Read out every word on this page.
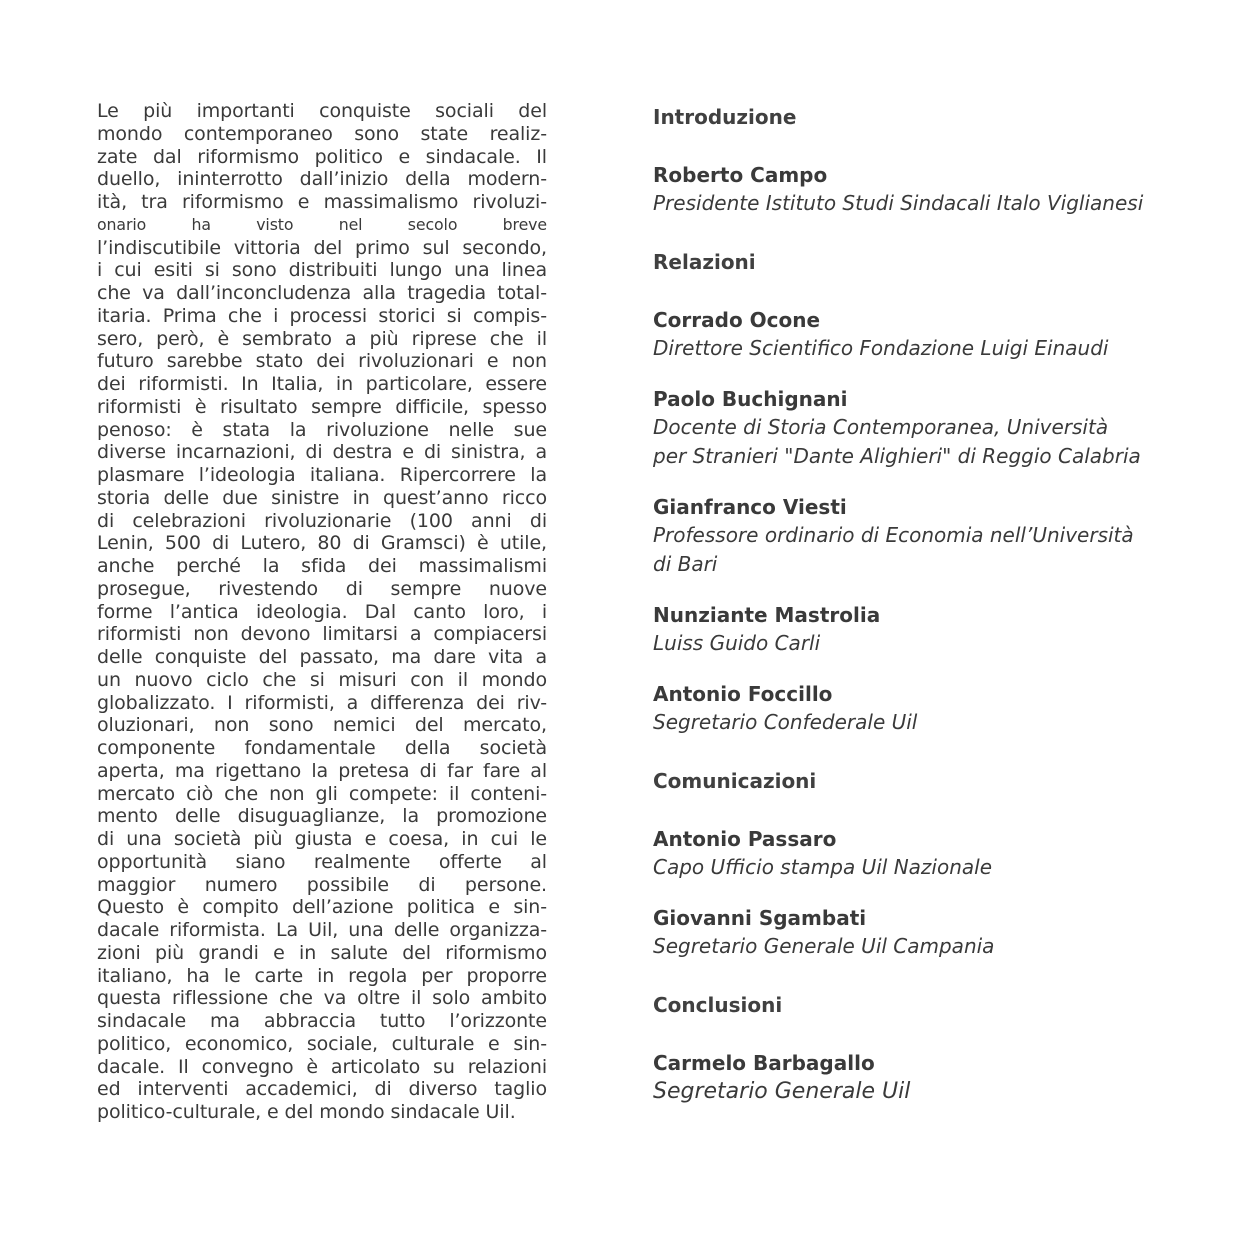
Le più importanti conquiste sociali del
mondo contemporaneo sono state realiz-
zate dal riformismo politico e sindacale. Il
duello, ininterrotto dall’inizio della modern-
ità, tra riformismo e massimalismo rivoluzi-
onario ha visto nel secolo breve
l’indiscutibile vittoria del primo sul secondo,
i cui esiti si sono distribuiti lungo una linea
che va dall’inconcludenza alla tragedia total-
itaria. Prima che i processi storici si compis-
sero, però, è sembrato a più riprese che il
futuro sarebbe stato dei rivoluzionari e non
dei riformisti. In Italia, in particolare, essere
riformisti è risultato sempre difficile, spesso
penoso: è stata la rivoluzione nelle sue
diverse incarnazioni, di destra e di sinistra, a
plasmare l’ideologia italiana. Ripercorrere la
storia delle due sinistre in quest’anno ricco
di celebrazioni rivoluzionarie (100 anni di
Lenin, 500 di Lutero, 80 di Gramsci) è utile,
anche perché la sfida dei massimalismi
prosegue, rivestendo di sempre nuove
forme l’antica ideologia. Dal canto loro, i
riformisti non devono limitarsi a compiacersi
delle conquiste del passato, ma dare vita a
un nuovo ciclo che si misuri con il mondo
globalizzato. I riformisti, a differenza dei riv-
oluzionari, non sono nemici del mercato,
componente fondamentale della società
aperta, ma rigettano la pretesa di far fare al
mercato ciò che non gli compete: il conteni-
mento delle disuguaglianze, la promozione
di una società più giusta e coesa, in cui le
opportunità siano realmente offerte al
maggior numero possibile di persone.
Questo è compito dell’azione politica e sin-
dacale riformista. La Uil, una delle organizza-
zioni più grandi e in salute del riformismo
italiano, ha le carte in regola per proporre
questa riflessione che va oltre il solo ambito
sindacale ma abbraccia tutto l’orizzonte
politico, economico, sociale, culturale e sin-
dacale. Il convegno è articolato su relazioni
ed interventi accademici, di diverso taglio
politico-culturale, e del mondo sindacale Uil.

Introduzione

Roberto Campo

Presidente Istituto Studi Sindacali Italo Viglianesi

Relazioni

Corrado Ocone

Direttore Scientifico Fondazione Luigi Einaudi

Paolo Buchignani

Docente di Storia Contemporanea, Università

per Stranieri "Dante Alighieri" di Reggio Calabria

Gianfranco Viesti

Professore ordinario di Economia nell’Università

di Bari

Nunziante Mastrolia

Luiss Guido Carli

Antonio Foccillo

Segretario Confederale Uil

Comunicazioni

Antonio Passaro

Capo Ufficio stampa Uil Nazionale

Giovanni Sgambati

Segretario Generale Uil Campania

Conclusioni

Carmelo Barbagallo

Segretario Generale Uil
